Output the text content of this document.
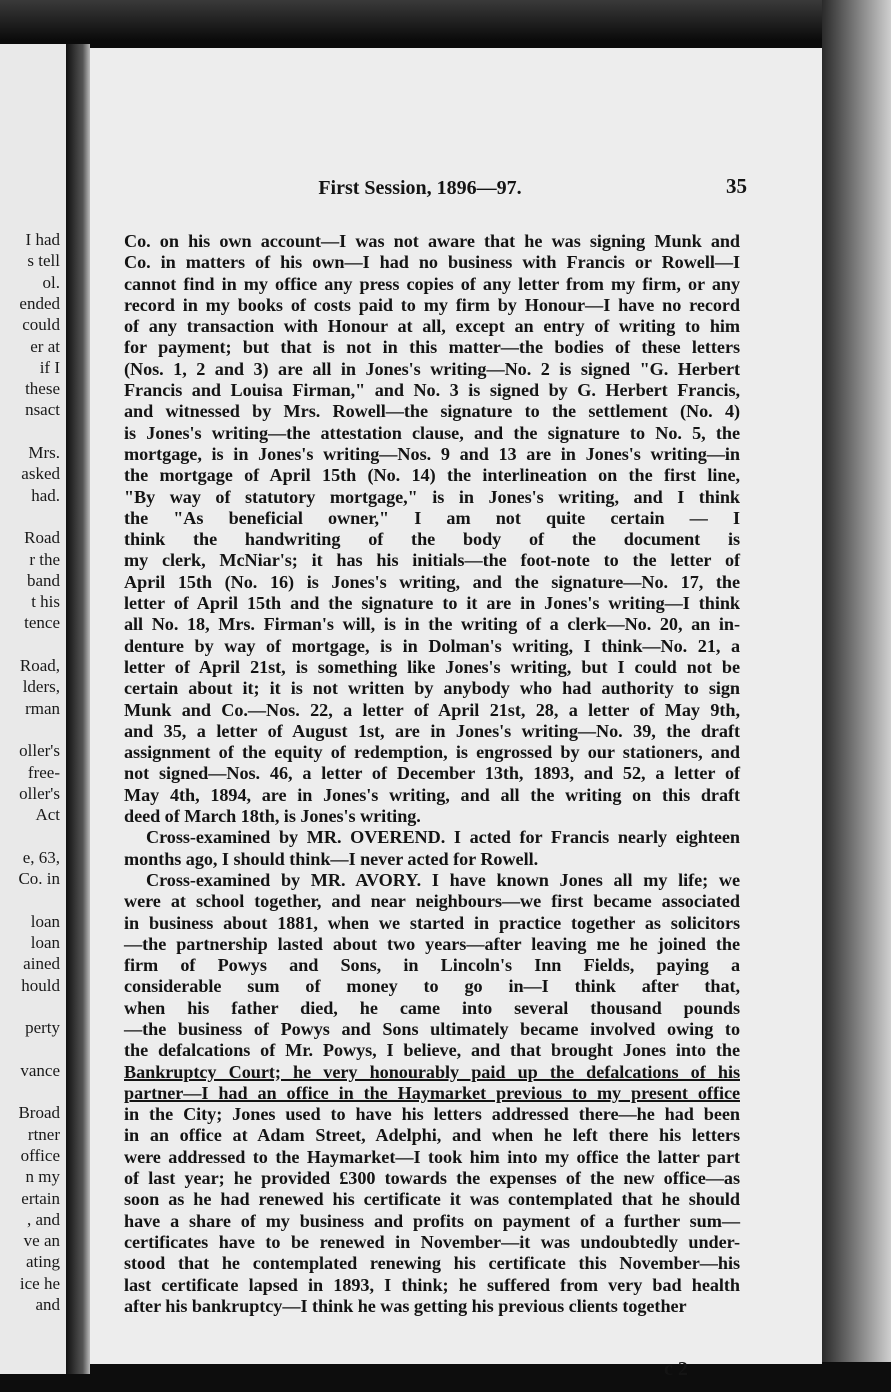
I had
s tell
ol.
ended
could
er at
if I
these
nsact
Mrs.
asked
had.
Road
r the
band
t his
tence
Road,
lders,
rman
oller's
free-
oller's
Act
e, 63,
Co. in
loan
loan
ained
hould
perty
vance
Broad
rtner
office
n my
ertain
, and
ve an
ating
ice he
and
First Session, 1896—97.	35
Co. on his own account—I was not aware that he was signing Munk and
Co. in matters of his own—I had no business with Francis or Rowell—I
cannot find in my office any press copies of any letter from my firm, or any
record in my books of costs paid to my firm by Honour—I have no record
of any transaction with Honour at all, except an entry of writing to him
for payment; but that is not in this matter—the bodies of these letters
(Nos. 1, 2 and 3) are all in Jones's writing—No. 2 is signed "G. Herbert
Francis and Louisa Firman," and No. 3 is signed by G. Herbert Francis,
and witnessed by Mrs. Rowell—the signature to the settlement (No. 4)
is Jones's writing—the attestation clause, and the signature to No. 5, the
mortgage, is in Jones's writing—Nos. 9 and 13 are in Jones's writing—in
the mortgage of April 15th (No. 14) the interlineation on the first line,
"By way of statutory mortgage," is in Jones's writing, and I think
the "As beneficial owner," I am not quite certain — I
think the handwriting of the body of the document is
my clerk, McNiar's; it has his initials—the foot-note to the letter of
April 15th (No. 16) is Jones's writing, and the signature—No. 17, the
letter of April 15th and the signature to it are in Jones's writing—I think
all No. 18, Mrs. Firman's will, is in the writing of a clerk—No. 20, an in-
denture by way of mortgage, is in Dolman's writing, I think—No. 21, a
letter of April 21st, is something like Jones's writing, but I could not be
certain about it; it is not written by anybody who had authority to sign
Munk and Co.—Nos. 22, a letter of April 21st, 28, a letter of May 9th,
and 35, a letter of August 1st, are in Jones's writing—No. 39, the draft
assignment of the equity of redemption, is engrossed by our stationers, and
not signed—Nos. 46, a letter of December 13th, 1893, and 52, a letter of
May 4th, 1894, are in Jones's writing, and all the writing on this draft
deed of March 18th, is Jones's writing.
Cross-examined by MR. OVEREND. I acted for Francis nearly eighteen
months ago, I should think—I never acted for Rowell.
Cross-examined by MR. AVORY. I have known Jones all my life; we
were at school together, and near neighbours—we first became associated
in business about 1881, when we started in practice together as solicitors
—the partnership lasted about two years—after leaving me he joined the
firm of Powys and Sons, in Lincoln's Inn Fields, paying a
considerable sum of money to go in—I think after that,
when his father died, he came into several thousand pounds
—the business of Powys and Sons ultimately became involved owing to
the defalcations of Mr. Powys, I believe, and that brought Jones into the
Bankruptcy Court; he very honourably paid up the defalcations of his
partner—I had an office in the Haymarket previous to my present office
in the City; Jones used to have his letters addressed there—he had been
in an office at Adam Street, Adelphi, and when he left there his letters
were addressed to the Haymarket—I took him into my office the latter part
of last year; he provided £300 towards the expenses of the new office—as
soon as he had renewed his certificate it was contemplated that he should
have a share of my business and profits on payment of a further sum—
certificates have to be renewed in November—it was undoubtedly under-
stood that he contemplated renewing his certificate this November—his
last certificate lapsed in 1893, I think; he suffered from very bad health
after his bankruptcy—I think he was getting his previous clients together
c 2
